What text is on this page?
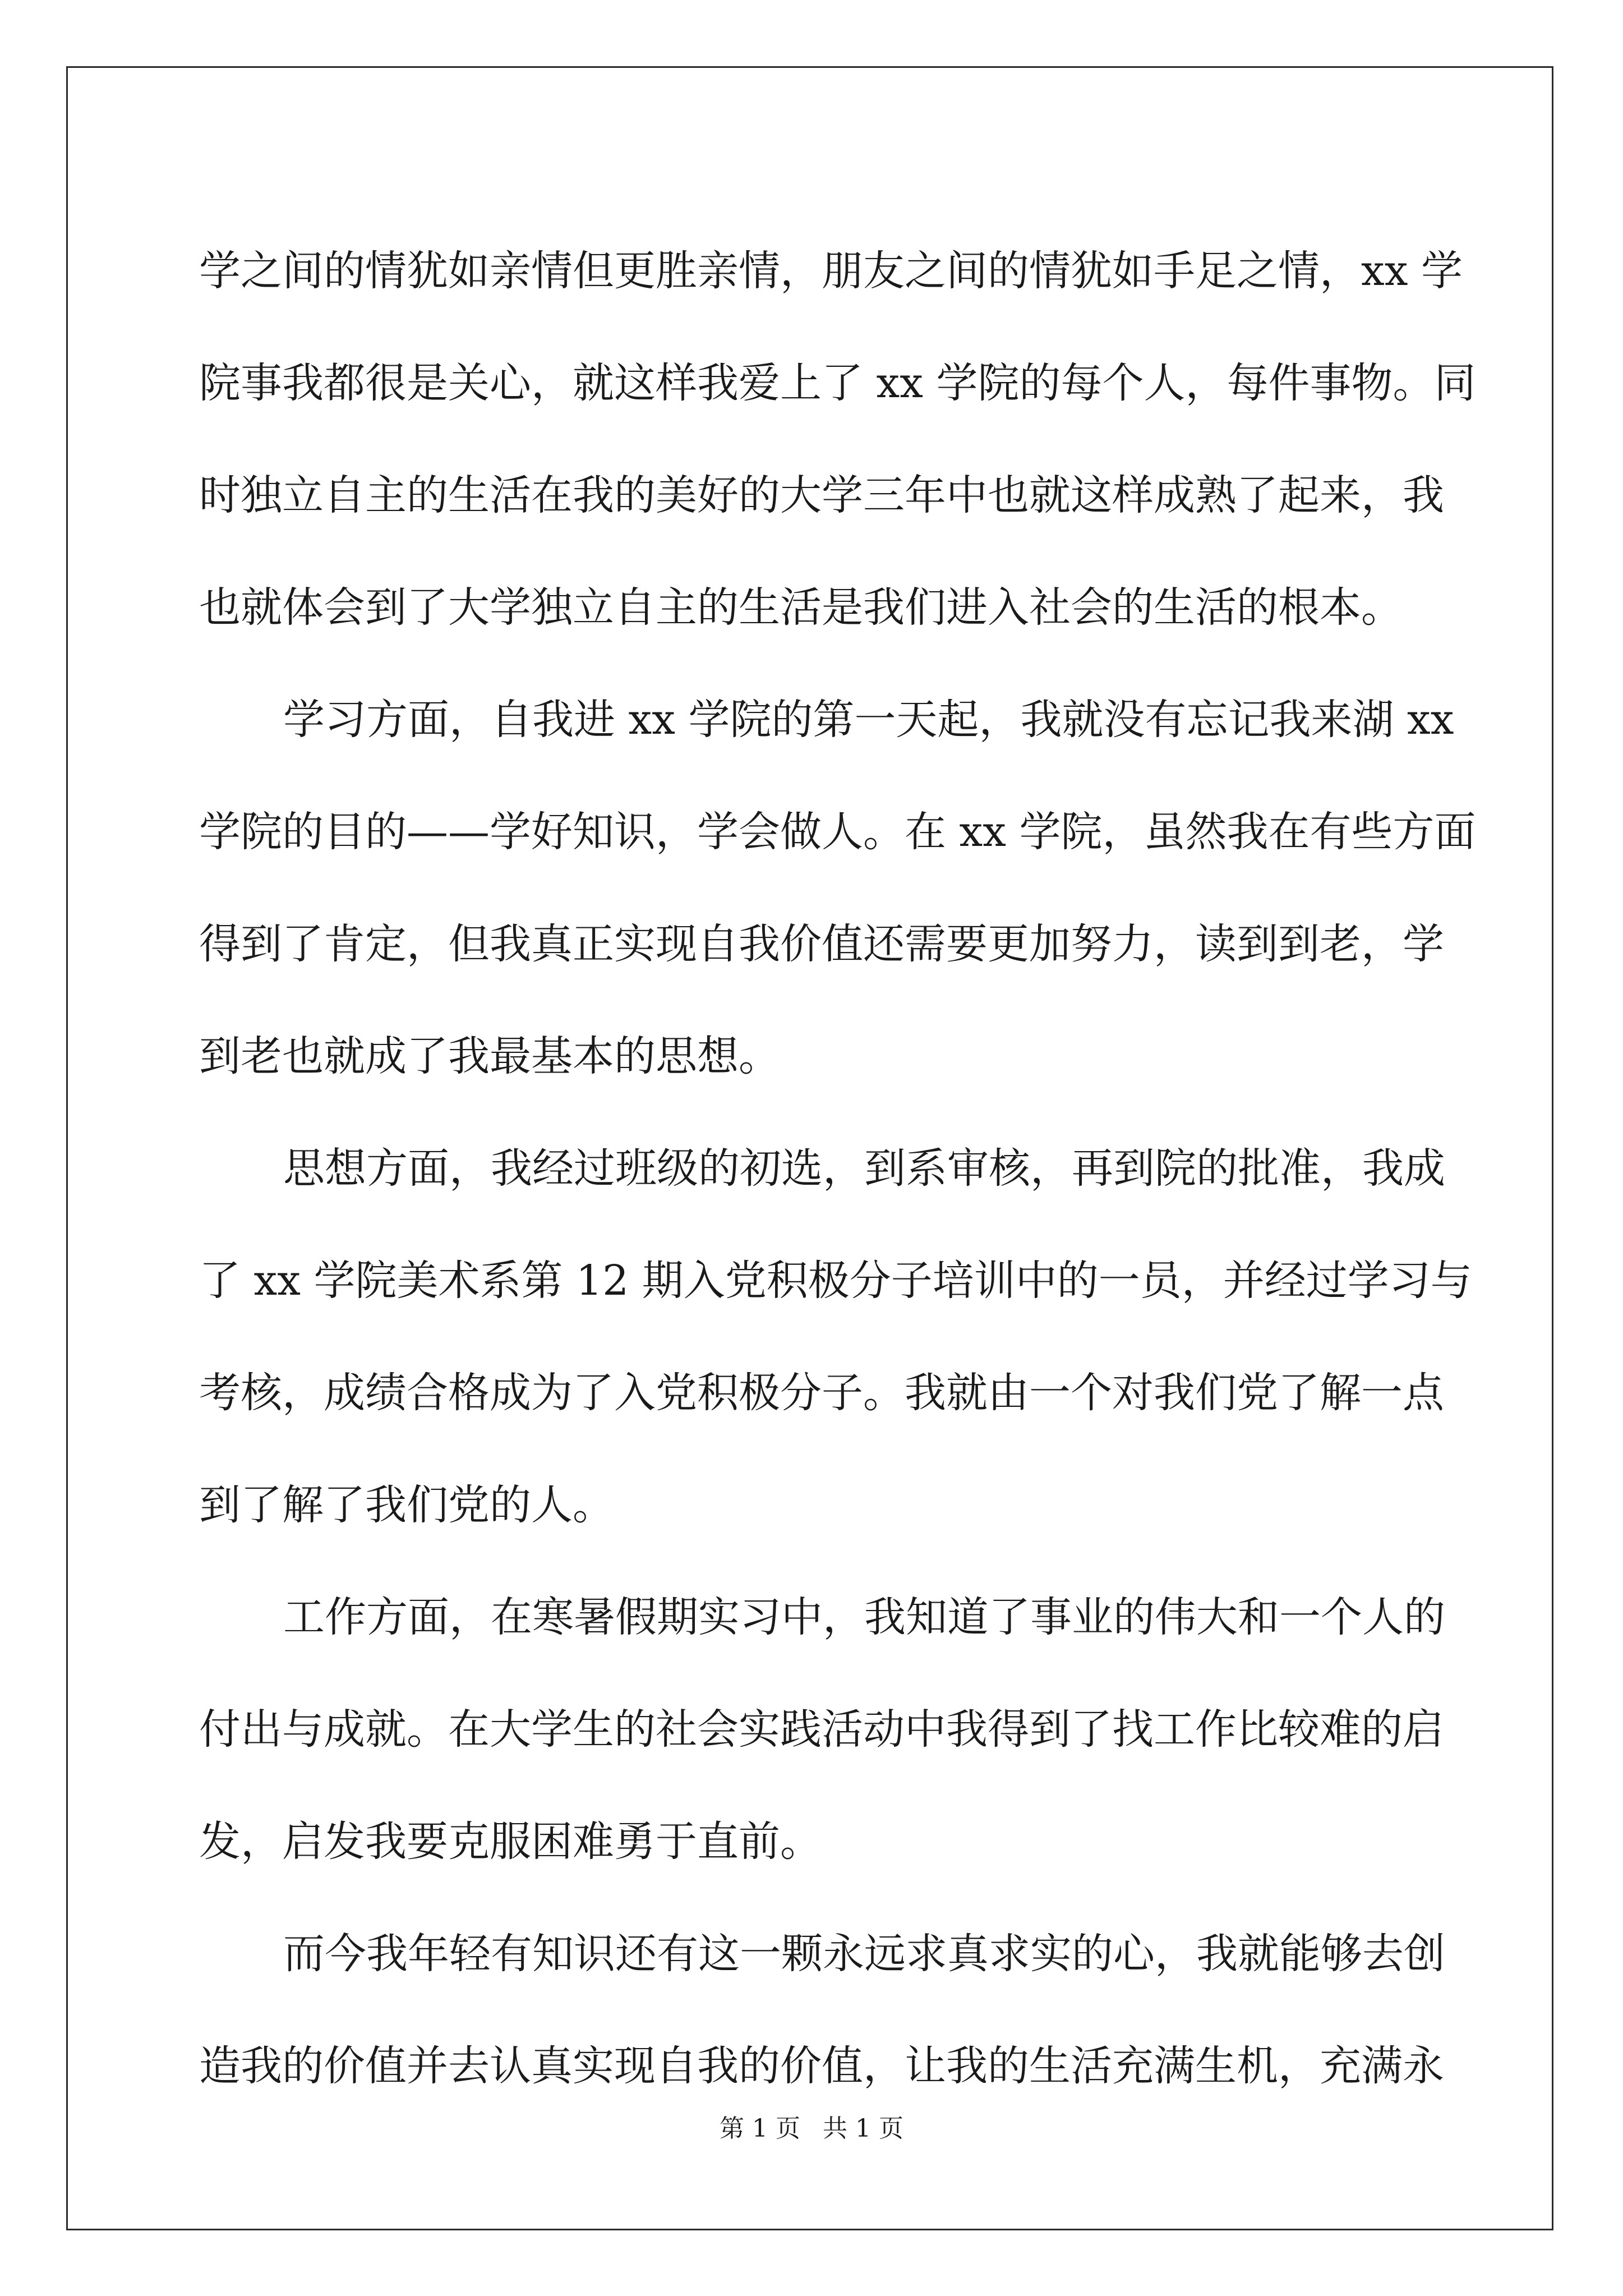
学之间的情犹如亲情但更胜亲情，朋友之间的情犹如手足之情，xx 学
院事我都很是关心，就这样我爱上了 xx 学院的每个人，每件事物。同
时独立自主的生活在我的美好的大学三年中也就这样成熟了起来，我
也就体会到了大学独立自主的生活是我们进入社会的生活的根本。
学习方面，自我进 xx 学院的第一天起，我就没有忘记我来湖 xx
学院的目的——学好知识，学会做人。在 xx 学院，虽然我在有些方面
得到了肯定，但我真正实现自我价值还需要更加努力，读到到老，学
到老也就成了我最基本的思想。
思想方面，我经过班级的初选，到系审核，再到院的批准，我成
了 xx 学院美术系第 12 期入党积极分子培训中的一员，并经过学习与
考核，成绩合格成为了入党积极分子。我就由一个对我们党了解一点
到了解了我们党的人。
工作方面，在寒暑假期实习中，我知道了事业的伟大和一个人的
付出与成就。在大学生的社会实践活动中我得到了找工作比较难的启
发，启发我要克服困难勇于直前。
而今我年轻有知识还有这一颗永远求真求实的心，我就能够去创
造我的价值并去认真实现自我的价值，让我的生活充满生机，充满永
第 1 页 共 1 页
